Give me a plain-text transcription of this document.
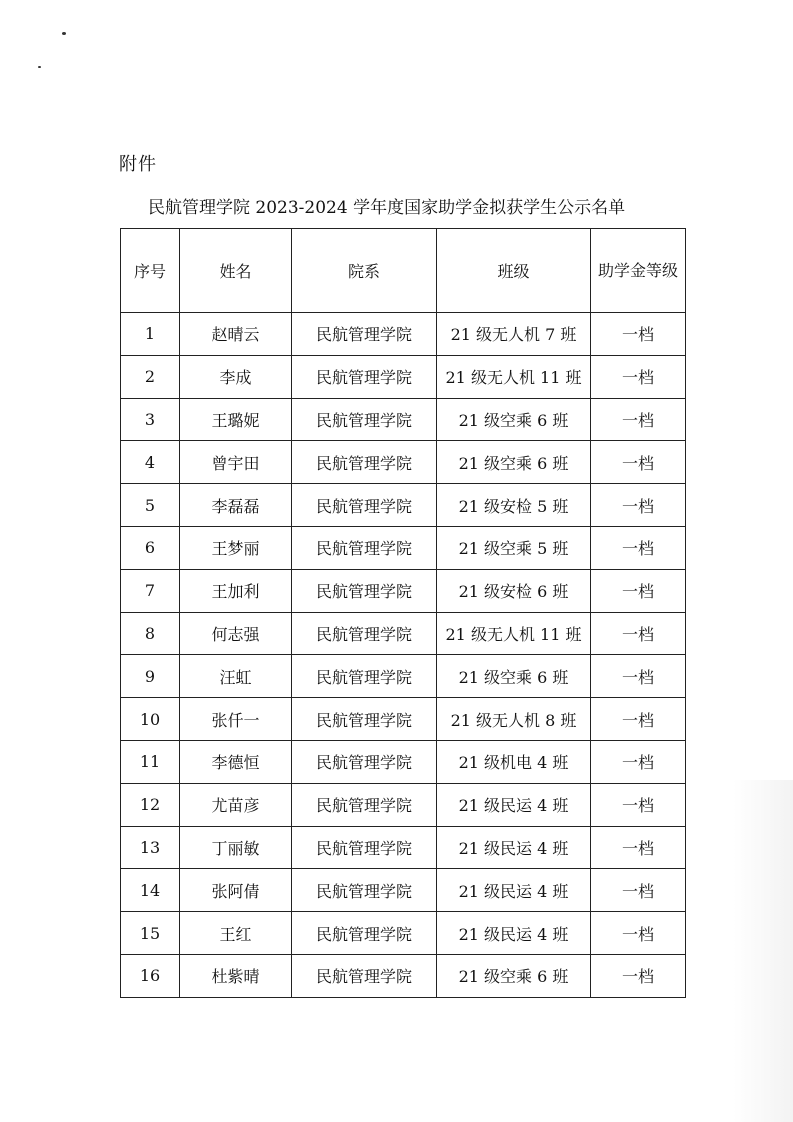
附件
民航管理学院 2023-2024 学年度国家助学金拟获学生公示名单
序号	姓名	院系	班级	助学金等级
1	赵晴云	民航管理学院	21 级无人机 7 班	一档
2	李成	民航管理学院	21 级无人机 11 班	一档
3	王璐妮	民航管理学院	21 级空乘 6 班	一档
4	曾宇田	民航管理学院	21 级空乘 6 班	一档
5	李磊磊	民航管理学院	21 级安检 5 班	一档
6	王梦丽	民航管理学院	21 级空乘 5 班	一档
7	王加利	民航管理学院	21 级安检 6 班	一档
8	何志强	民航管理学院	21 级无人机 11 班	一档
9	汪虹	民航管理学院	21 级空乘 6 班	一档
10	张仟一	民航管理学院	21 级无人机 8 班	一档
11	李德恒	民航管理学院	21 级机电 4 班	一档
12	尤苗彦	民航管理学院	21 级民运 4 班	一档
13	丁丽敏	民航管理学院	21 级民运 4 班	一档
14	张阿倩	民航管理学院	21 级民运 4 班	一档
15	王红	民航管理学院	21 级民运 4 班	一档
16	杜紫晴	民航管理学院	21 级空乘 6 班	一档
